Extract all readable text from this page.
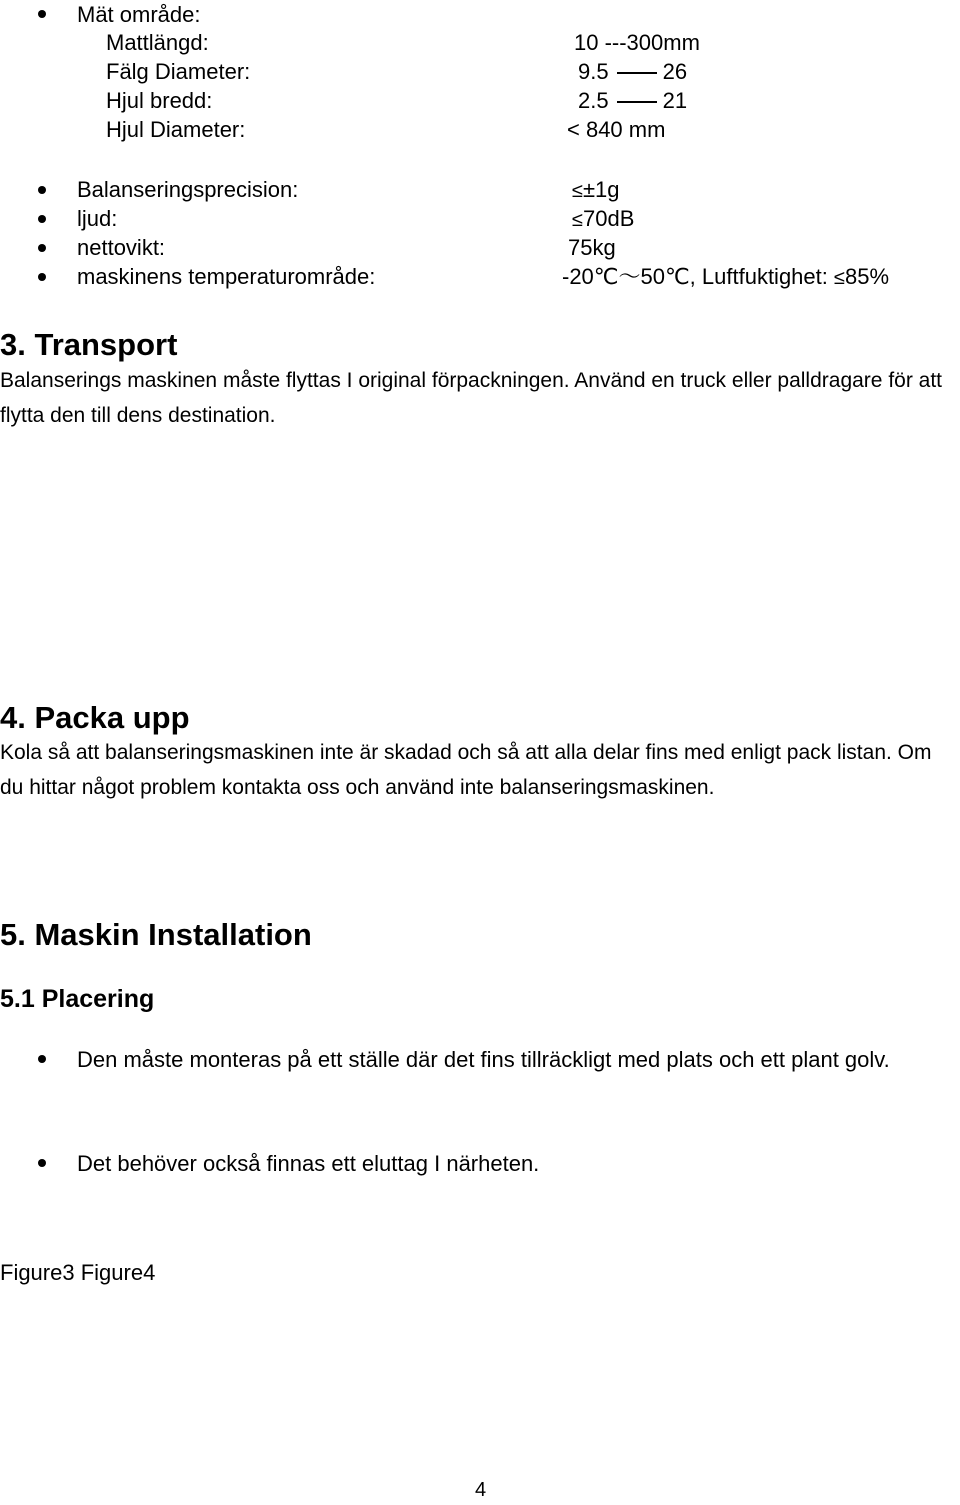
Mät område:
Mattlängd:	10 ---300mm
Fälg Diameter:	9.5 26
Hjul bredd:	2.5 21
Hjul Diameter:	< 840 mm
Balanseringsprecision:	≤±1g
ljud:	≤70dB
nettovikt:	75kg
maskinens temperaturområde:	-20℃～50℃, Luftfuktighet: ≤85%
3. Transport
Balanserings maskinen måste flyttas I original förpackningen. Använd en truck eller palldragare för att flytta den till dens destination.
4. Packa upp
Kola så att balanseringsmaskinen inte är skadad och så att alla delar fins med enligt pack listan. Om du hittar något problem kontakta oss och använd inte balanseringsmaskinen.
5. Maskin Installation
5.1 Placering
Den måste monteras på ett ställe där det fins tillräckligt med plats och ett plant golv.
Det behöver också finnas ett eluttag I närheten.
Figure3 Figure4
4
